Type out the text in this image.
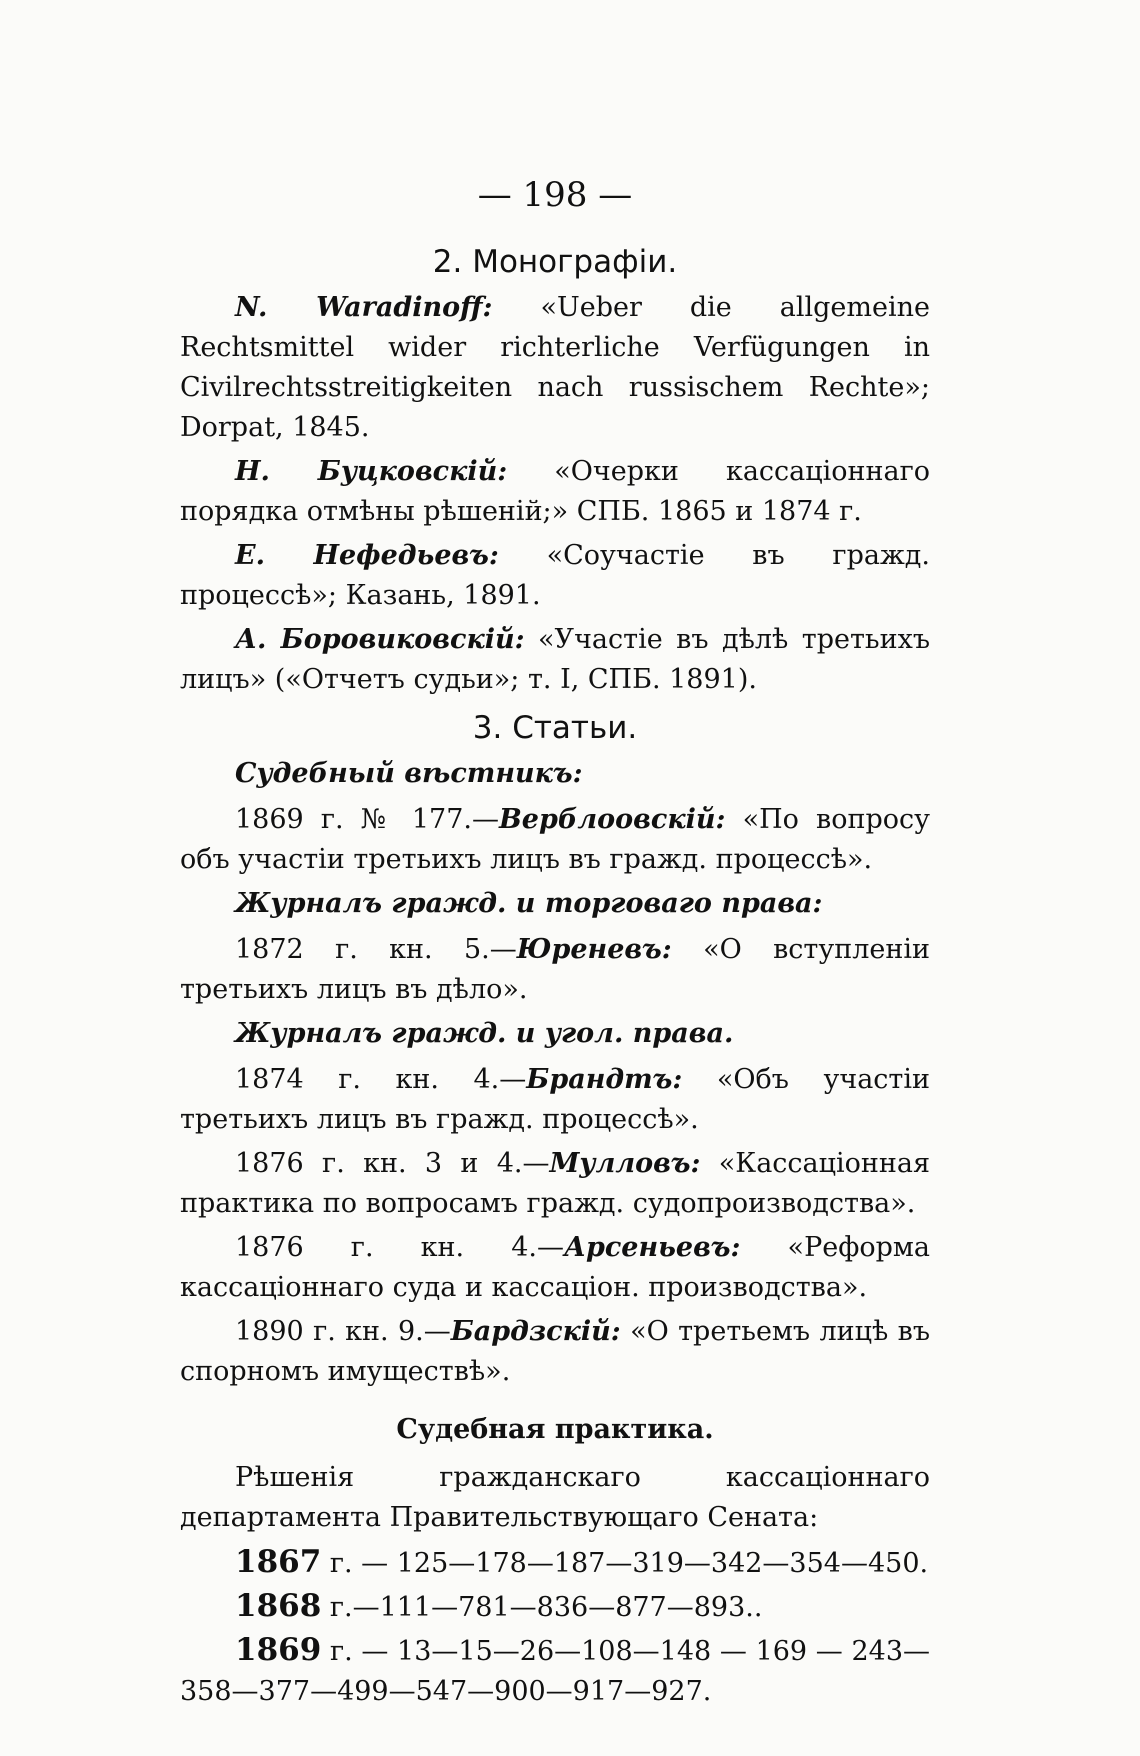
— 198 —
2. Монографіи.

N. Waradinoff: «Ueber die allgemeine Rechtsmittel wider richterliche Verfügungen in Civilrechtsstreitigkeiten nach russischem Rechte»; Dorpat, 1845.

Н. Буцковскій: «Очерки кассаціоннаго порядка отмѣны рѣшеній;» СПБ. 1865 и 1874 г.

Е. Нефедьевъ: «Соучастіе въ гражд. процессѣ»; Казань, 1891.

А. Боровиковскій: «Участіе въ дѣлѣ третьихъ лицъ» («Отчетъ судьи»; т. I, СПБ. 1891).

3. Статьи.

Судебный вѣстникъ:

1869 г. № 177.—Верблоовскій: «По вопросу объ участіи третьихъ лицъ въ гражд. процессѣ».

Журналъ гражд. и торговаго права:

1872 г. кн. 5.—Юреневъ: «О вступленіи третьихъ лицъ въ дѣло».

Журналъ гражд. и угол. права.

1874 г. кн. 4.—Брандтъ: «Объ участіи третьихъ лицъ въ гражд. процессѣ».

1876 г. кн. 3 и 4.—Мулловъ: «Кассаціонная практика по вопросамъ гражд. судопроизводства».

1876 г. кн. 4.—Арсеньевъ: «Реформа кассаціоннаго суда и кассаціон. производства».

1890 г. кн. 9.—Бардзскій: «О третьемъ лицѣ въ спорномъ имуществѣ».

Судебная практика.

Рѣшенія гражданскаго кассаціоннаго департамента Правительствующаго Сената:

1867 г. — 125—178—187—319—342—354—450.

1868 г.—111—781—836—877—893..

1869 г. — 13—15—26—108—148 — 169 — 243—358—377—499—547—900—917—927.
